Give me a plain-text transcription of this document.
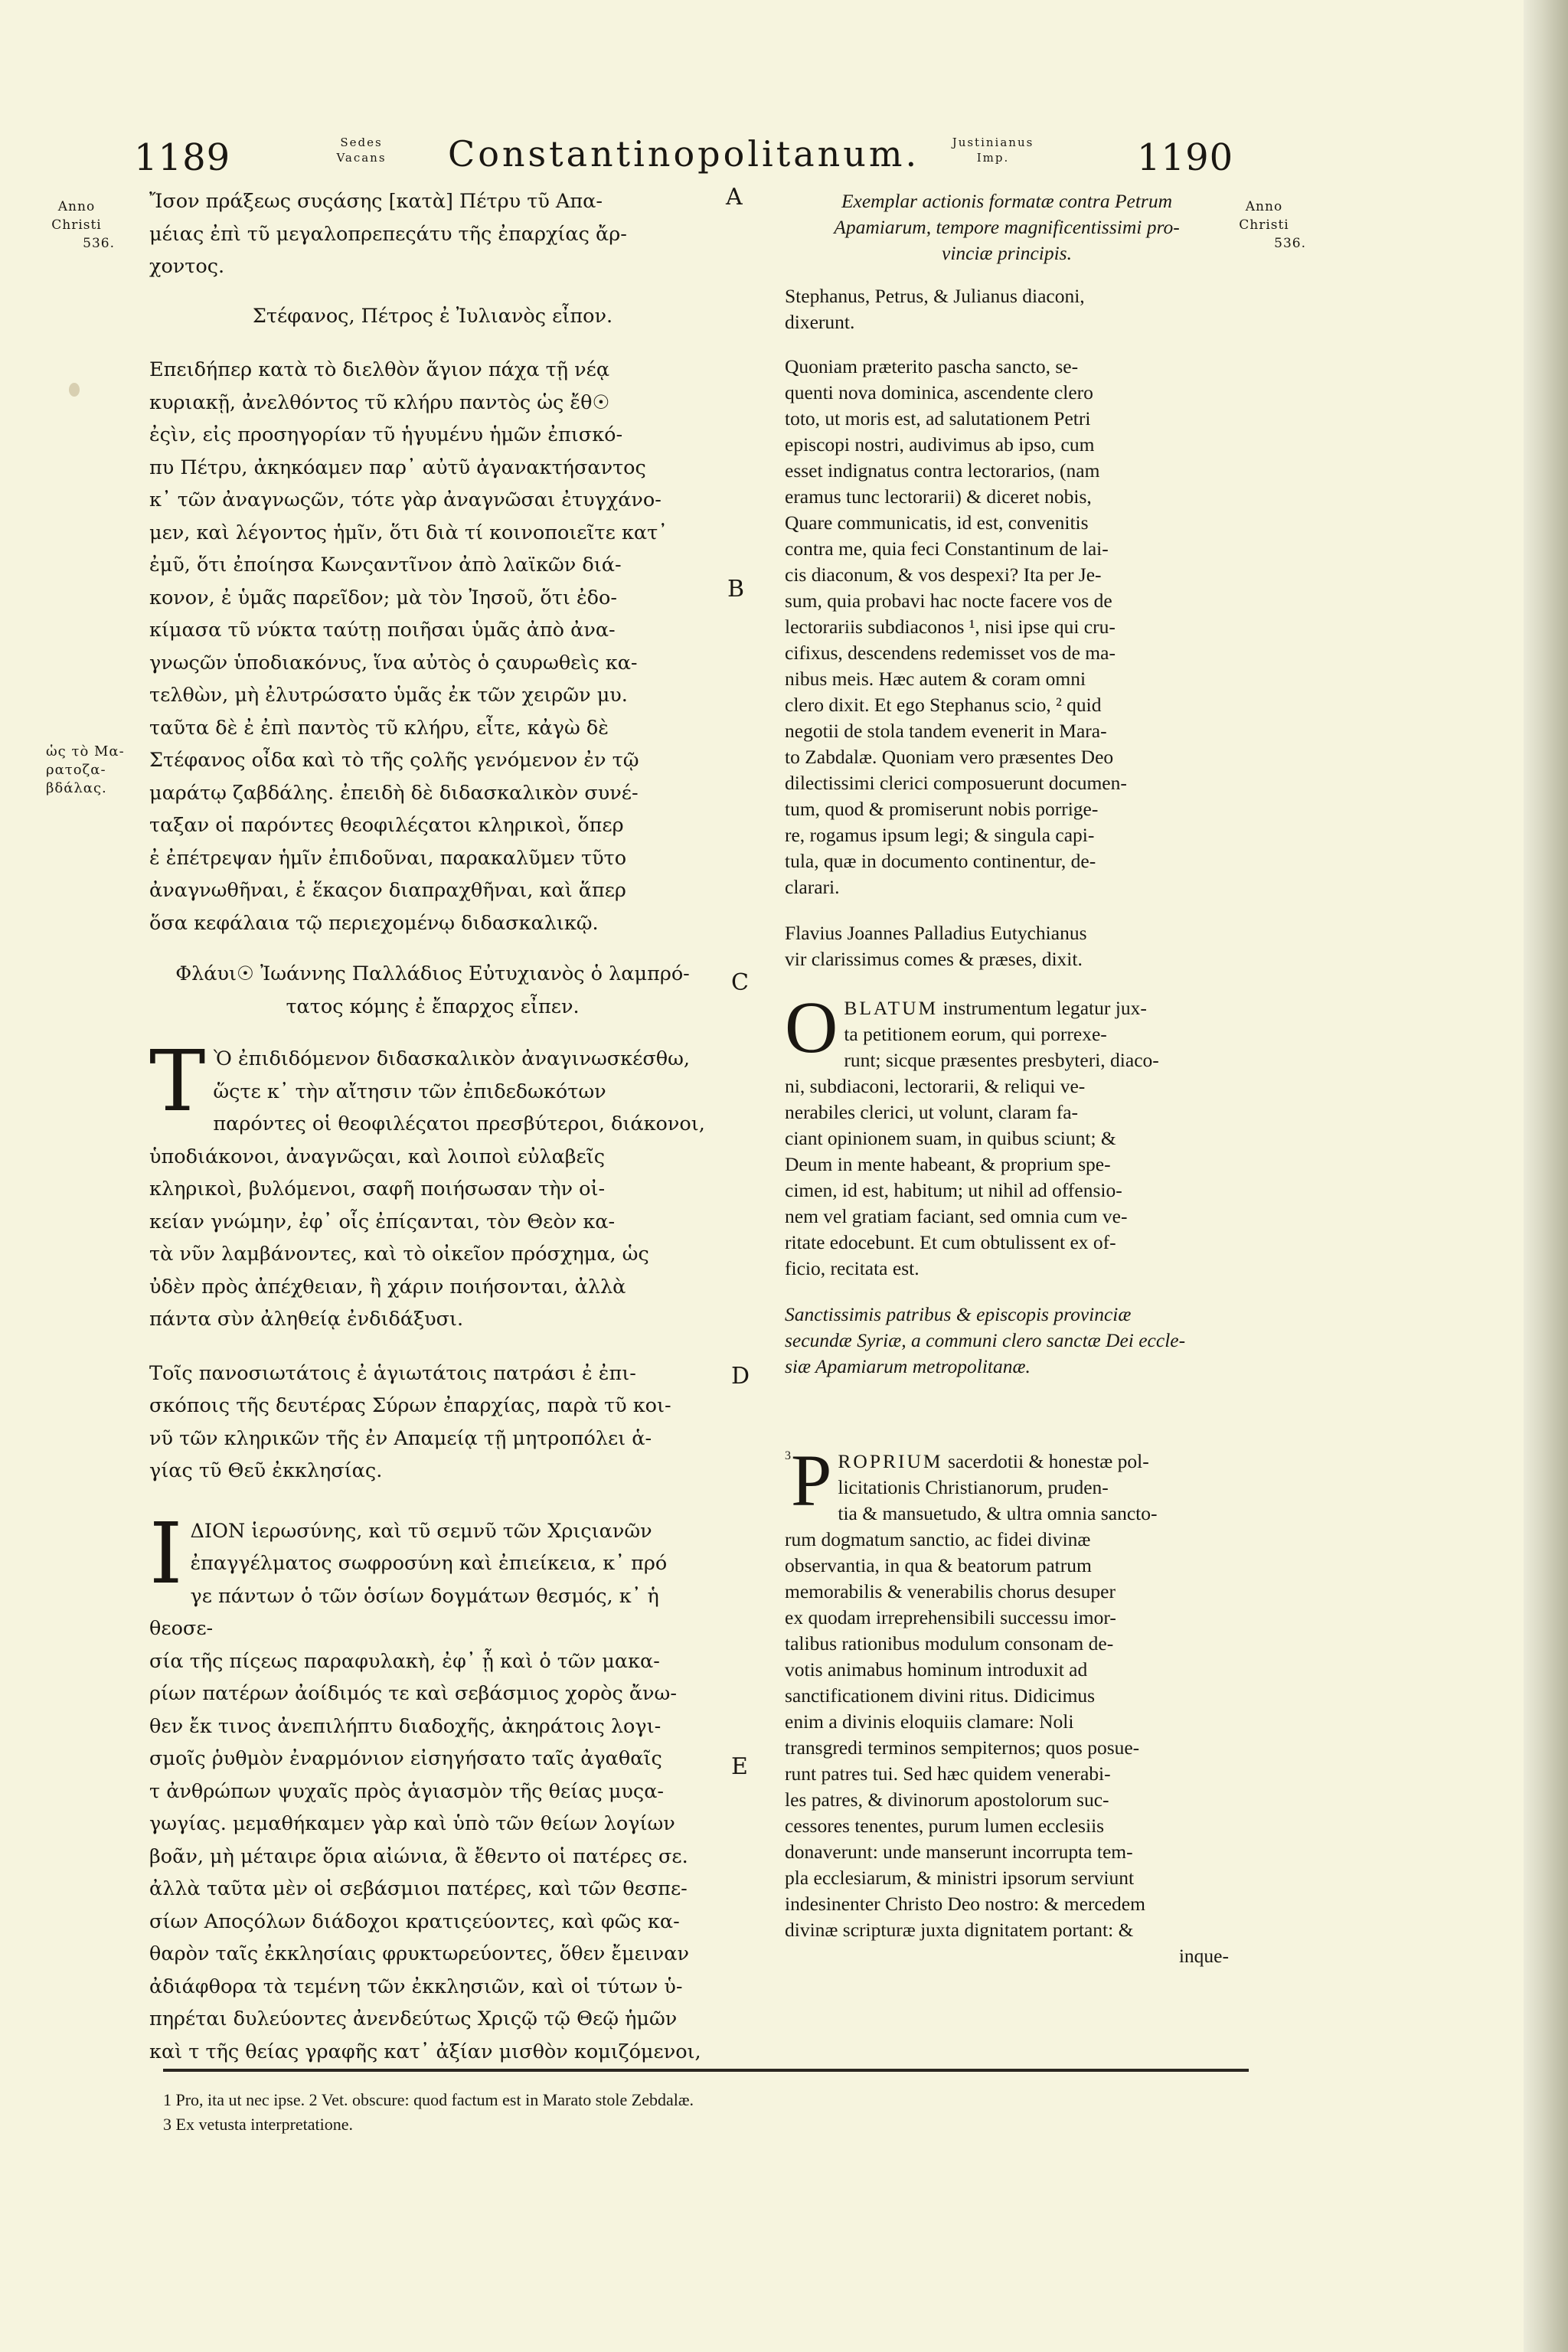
1189	Sedes
Vacans Constantinopolitanum.	Justinianus
Imp.	1190
Anno
Christi
536.
Anno
Christi
536.
ὡς τὸ Μα-
ρατοζα-
βδάλας.
A
B
C
D
E

Ἴσον πράξεως συςάσης [κατὰ] Πέτρυ τῦ Απα-
μέιας ἐπὶ τῦ μεγαλοπρεπεςάτυ τῆς ἐπαρχίας ἄρ-
χοντος.

Στέφανος, Πέτρος ἐ Ἰυλιανὸς εἶπον.

Επειδήπερ κατὰ τὸ διελθὸν ἅγιον πάχα τῇ νέᾳ
κυριακῇ, ἀνελθόντος τῦ κλήρυ παντὸς ὡς ἔθ☉
ἐςὶν, εἰς προσηγορίαν τῦ ἡγυμένυ ἡμῶν ἐπισκό-
πυ Πέτρυ, ἀκηκόαμεν παρ᾽ αὐτῦ ἀγανακτήσαντος
κ᾽ τῶν ἀναγνωςῶν, τότε γὰρ ἀναγνῶσαι ἐτυγχάνο-
μεν, καὶ λέγοντος ἡμῖν, ὅτι διὰ τί κοινοποιεῖτε κατ᾽
ἐμῦ, ὅτι ἐποίησα Κωνςαντῖνον ἀπὸ λαϊκῶν διά-
κονον, ἐ ὑμᾶς παρεῖδον; μὰ τὸν Ἰησοῦ, ὅτι ἐδο-
κίμασα τῦ νύκτα ταύτῃ ποιῆσαι ὑμᾶς ἀπὸ ἀνα-
γνωςῶν ὑποδιακόνυς, ἵνα αὐτὸς ὁ ςαυρωθεὶς κα-
τελθὼν, μὴ ἐλυτρώσατο ὑμᾶς ἐκ τῶν χειρῶν μυ.
ταῦτα δὲ ἐ ἐπὶ παντὸς τῦ κλήρυ, εἶτε, κἀγὼ δὲ
Στέφανος οἶδα καὶ τὸ τῆς ςολῆς γενόμενον ἐν τῷ
μαράτῳ ζαβδάλης. ἐπειδὴ δὲ διδασκαλικὸν συνέ-
ταξαν οἱ παρόντες θεοφιλέςατοι κληρικοὶ, ὅπερ
ἐ ἐπέτρεψαν ἡμῖν ἐπιδοῦναι, παρακαλῦμεν τῦτο
ἀναγνωθῆναι, ἐ ἕκαςον διαπραχθῆναι, καὶ ἅπερ
ὅσα κεφάλαια τῷ περιεχομένῳ διδασκαλικῷ.

Φλάυι☉ Ἰωάννης Παλλάδιος Εὐτυχιανὸς ὁ λαμπρό-
τατος κόμης ἐ ἔπαρχος εἶπεν.

Τ Ὸ ἐπιδιδόμενον διδασκαλικὸν ἀναγινωσκέσθω,
ὥςτε κ᾽ τὴν αἴτησιν τῶν ἐπιδεδωκότων
παρόντες οἱ θεοφιλέςατοι πρεσβύτεροι, διάκονοι,
ὑποδιάκονοι, ἀναγνῶςαι, καὶ λοιποὶ εὐλαβεῖς
κληρικοὶ, βυλόμενοι, σαφῆ ποιήσωσαν τὴν οἰ-
κείαν γνώμην, ἐφ᾽ οἷς ἐπίςανται, τὸν Θεὸν κα-
τὰ νῦν λαμβάνοντες, καὶ τὸ οἰκεῖον πρόσχημα, ὡς
ὐδὲν πρὸς ἀπέχθειαν, ἢ χάριν ποιήσονται, ἀλλὰ
πάντα σὺν ἀληθείᾳ ἐνδιδάξυσι.

Τοῖς πανοσιωτάτοις ἐ ἁγιωτάτοις πατράσι ἐ ἐπι-
σκόποις τῆς δευτέρας Σύρων ἐπαρχίας, παρὰ τῦ κοι-
νῦ τῶν κληρικῶν τῆς ἐν Απαμείᾳ τῇ μητροπόλει ἁ-
γίας τῦ Θεῦ ἐκκλησίας.

Ι ΔΙΟΝ ἱερωσύνης, καὶ τῦ σεμνῦ τῶν Χριςιανῶν
ἐπαγγέλματος σωφροσύνη καὶ ἐπιείκεια, κ᾽ πρό
γε πάντων ὁ τῶν ὁσίων δογμάτων θεσμός, κ᾽ ἡ θεοσε-
σία τῆς πίςεως παραφυλακὴ, ἐφ᾽ ᾗ καὶ ὁ τῶν μακα-
ρίων πατέρων ἀοίδιμός τε καὶ σεβάσμιος χορὸς ἄνω-
θεν ἔκ τινος ἀνεπιλήπτυ διαδοχῆς, ἀκηράτοις λογι-
σμοῖς ῥυθμὸν ἐναρμόνιον εἰσηγήσατο ταῖς ἀγαθαῖς
τ ἀνθρώπων ψυχαῖς πρὸς ἁγιασμὸν τῆς θείας μυςα-
γωγίας. μεμαθήκαμεν γὰρ καὶ ὑπὸ τῶν θείων λογίων
βοᾶν, μὴ μέταιρε ὅρια αἰώνια, ἃ ἔθεντο οἱ πατέρες σε.
ἀλλὰ ταῦτα μὲν οἱ σεβάσμιοι πατέρες, καὶ τῶν θεσπε-
σίων Αποςόλων διάδοχοι κρατιςεύοντες, καὶ φῶς κα-
θαρὸν ταῖς ἐκκλησίαις φρυκτωρεύοντες, ὅθεν ἔμειναν
ἀδιάφθορα τὰ τεμένη τῶν ἐκκλησιῶν, καὶ οἱ τύτων ὑ-
πηρέται δυλεύοντες ἀνενδεύτως Χριςῷ τῷ Θεῷ ἡμῶν
καὶ τ τῆς θείας γραφῆς κατ᾽ ἀξίαν μισθὸν κομιζόμενοι,

Exemplar actionis formatæ contra Petrum
Apamiarum, tempore magnificentissimi pro-
vinciæ principis.

Stephanus, Petrus, & Julianus diaconi,
dixerunt.

Quoniam præterito pascha sancto, se-
quenti nova dominica, ascendente clero
toto, ut moris est, ad salutationem Petri
episcopi nostri, audivimus ab ipso, cum
esset indignatus contra lectorarios, (nam
eramus tunc lectorarii) & diceret nobis,
Quare communicatis, id est, convenitis
contra me, quia feci Constantinum de lai-
cis diaconum, & vos despexi? Ita per Je-
sum, quia probavi hac nocte facere vos de
lectorariis subdiaconos ¹, nisi ipse qui cru-
cifixus, descendens redemisset vos de ma-
nibus meis. Hæc autem & coram omni
clero dixit. Et ego Stephanus scio, ² quid
negotii de stola tandem evenerit in Mara-
to Zabdalæ. Quoniam vero præsentes Deo
dilectissimi clerici composuerunt documen-
tum, quod & promiserunt nobis porrige-
re, rogamus ipsum legi; & singula capi-
tula, quæ in documento continentur, de-
clarari.

Flavius Joannes Palladius Eutychianus
vir clarissimus comes & præses, dixit.

O BLATUM instrumentum legatur jux-
ta petitionem eorum, qui porrexe-
runt; sicque præsentes presbyteri, diaco-
ni, subdiaconi, lectorarii, & reliqui ve-
nerabiles clerici, ut volunt, claram fa-
ciant opinionem suam, in quibus sciunt; &
Deum in mente habeant, & proprium spe-
cimen, id est, habitum; ut nihil ad offensio-
nem vel gratiam faciant, sed omnia cum ve-
ritate edocebunt. Et cum obtulissent ex of-
ficio, recitata est.

Sanctissimis patribus & episcopis provinciæ
secundæ Syriæ, a communi clero sanctæ Dei eccle-
siæ Apamiarum metropolitanæ.

3 P ROPRIUM sacerdotii & honestæ pol-
licitationis Christianorum, pruden-
tia & mansuetudo, & ultra omnia sancto-
rum dogmatum sanctio, ac fidei divinæ
observantia, in qua & beatorum patrum
memorabilis & venerabilis chorus desuper
ex quodam irreprehensibili successu imor-
talibus rationibus modulum consonam de-
votis animabus hominum introduxit ad
sanctificationem divini ritus. Didicimus
enim a divinis eloquiis clamare: Noli
transgredi terminos sempiternos; quos posue-
runt patres tui. Sed hæc quidem venerabi-
les patres, & divinorum apostolorum suc-
cessores tenentes, purum lumen ecclesiis
donaverunt: unde manserunt incorrupta tem-
pla ecclesiarum, & ministri ipsorum serviunt
indesinenter Christo Deo nostro: & mercedem
divinæ scripturæ juxta dignitatem portant: &
inque-

1 Pro, ita ut nec ipse. 2 Vet. obscure: quod factum est in Marato stole Zebdalæ.
3 Ex vetusta interpretatione.
